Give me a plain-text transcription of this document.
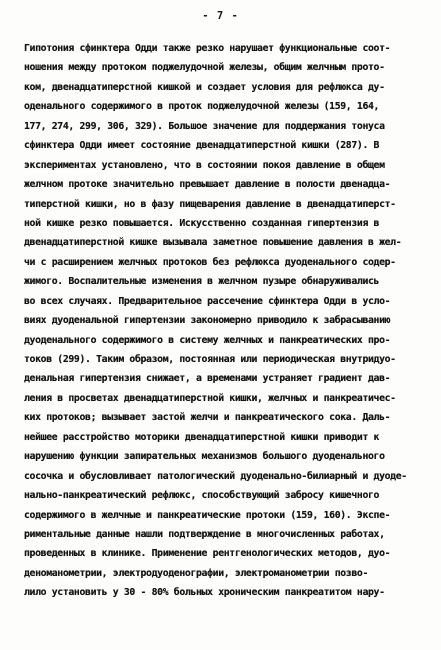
- 7 -
Гипотония сфинктера Одди также резко нарушает функциональные соот-
ношения между протоком поджелудочной железы, общим желчным прото-
ком, двенадцатиперстной кишкой и создает условия для рефлюкса ду-
оденального содержимого в проток поджелудочной железы (159, 164,
177, 274, 299, 306, 329). Большое значение для поддержания тонуса
сфинктера Одди имеет состояние двенадцатиперстной кишки (287). В
экспериментах установлено, что в состоянии покоя давление в общем
желчном протоке значительно превышает давление в полости двенадца-
типерстной кишки, но в фазу пищеварения давление в двенадцатиперст-
ной кишке резко повышается. Искусственно созданная гипертензия в
двенадцатиперстной кишке вызывала заметное повышение давления в жел-
чи с расширением желчных протоков без рефлюкса дуоденального содер-
жимого. Воспалительные изменения в желчном пузыре обнаруживались
во всех случаях. Предварительное рассечение сфинктера Одди в усло-
виях дуоденальной гипертензии закономерно приводило к забрасыванию
дуоденального содержимого в систему желчных и панкреатических про-
токов (299). Таким образом, постоянная или периодическая внутридуо-
денальная гипертензия снижает, а временами устраняет градиент дав-
ления в просветах двенадцатиперстной кишки, желчных и панкреатичес-
ких протоков; вызывает застой желчи и панкреатического сока. Даль-
нейшее расстройство моторики двенадцатиперстной кишки приводит к
нарушению функции запирательных механизмов большого дуоденального
сосочка и обусловливает патологический дуоденально-билиарный и дуоде-
нально-панкреатический рефлюкс, способствующий забросу кишечного
содержимого в желчные и панкреатические протоки (159, 160). Экспе-
риментальные данные нашли подтверждение в многочисленных работах,
проведенных в клинике. Применение рентгенологических методов, дуо-
деноманометрии, электродуоденографии, электроманометрии позво-
лило установить у 30 - 80% больных хроническим панкреатитом нару-
